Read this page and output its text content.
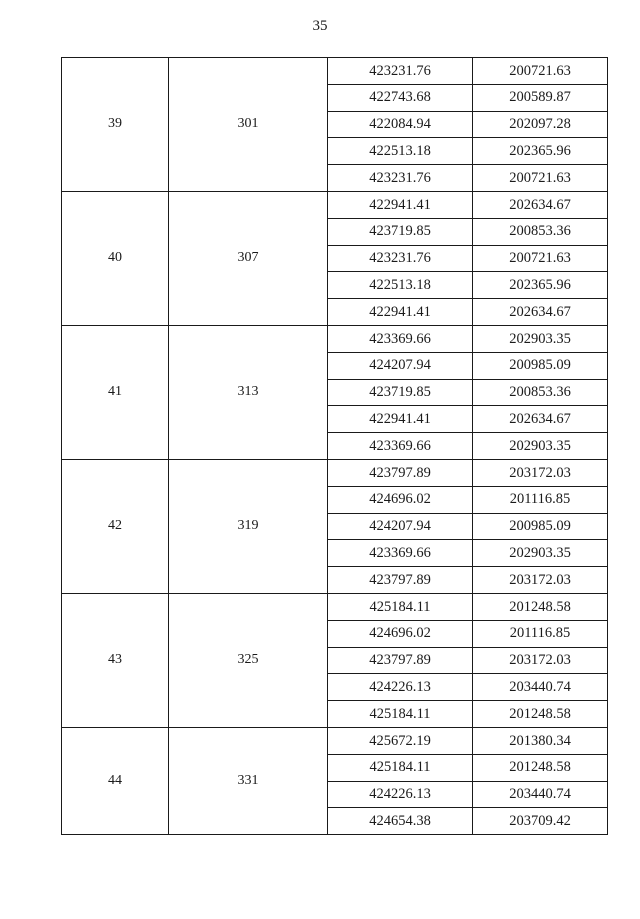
35
39	301	423231.76	200721.63
		422743.68	200589.87
		422084.94	202097.28
		422513.18	202365.96
		423231.76	200721.63
40	307	422941.41	202634.67
		423719.85	200853.36
		423231.76	200721.63
		422513.18	202365.96
		422941.41	202634.67
41	313	423369.66	202903.35
		424207.94	200985.09
		423719.85	200853.36
		422941.41	202634.67
		423369.66	202903.35
42	319	423797.89	203172.03
		424696.02	201116.85
		424207.94	200985.09
		423369.66	202903.35
		423797.89	203172.03
43	325	425184.11	201248.58
		424696.02	201116.85
		423797.89	203172.03
		424226.13	203440.74
		425184.11	201248.58
44	331	425672.19	201380.34
		425184.11	201248.58
		424226.13	203440.74
		424654.38	203709.42
